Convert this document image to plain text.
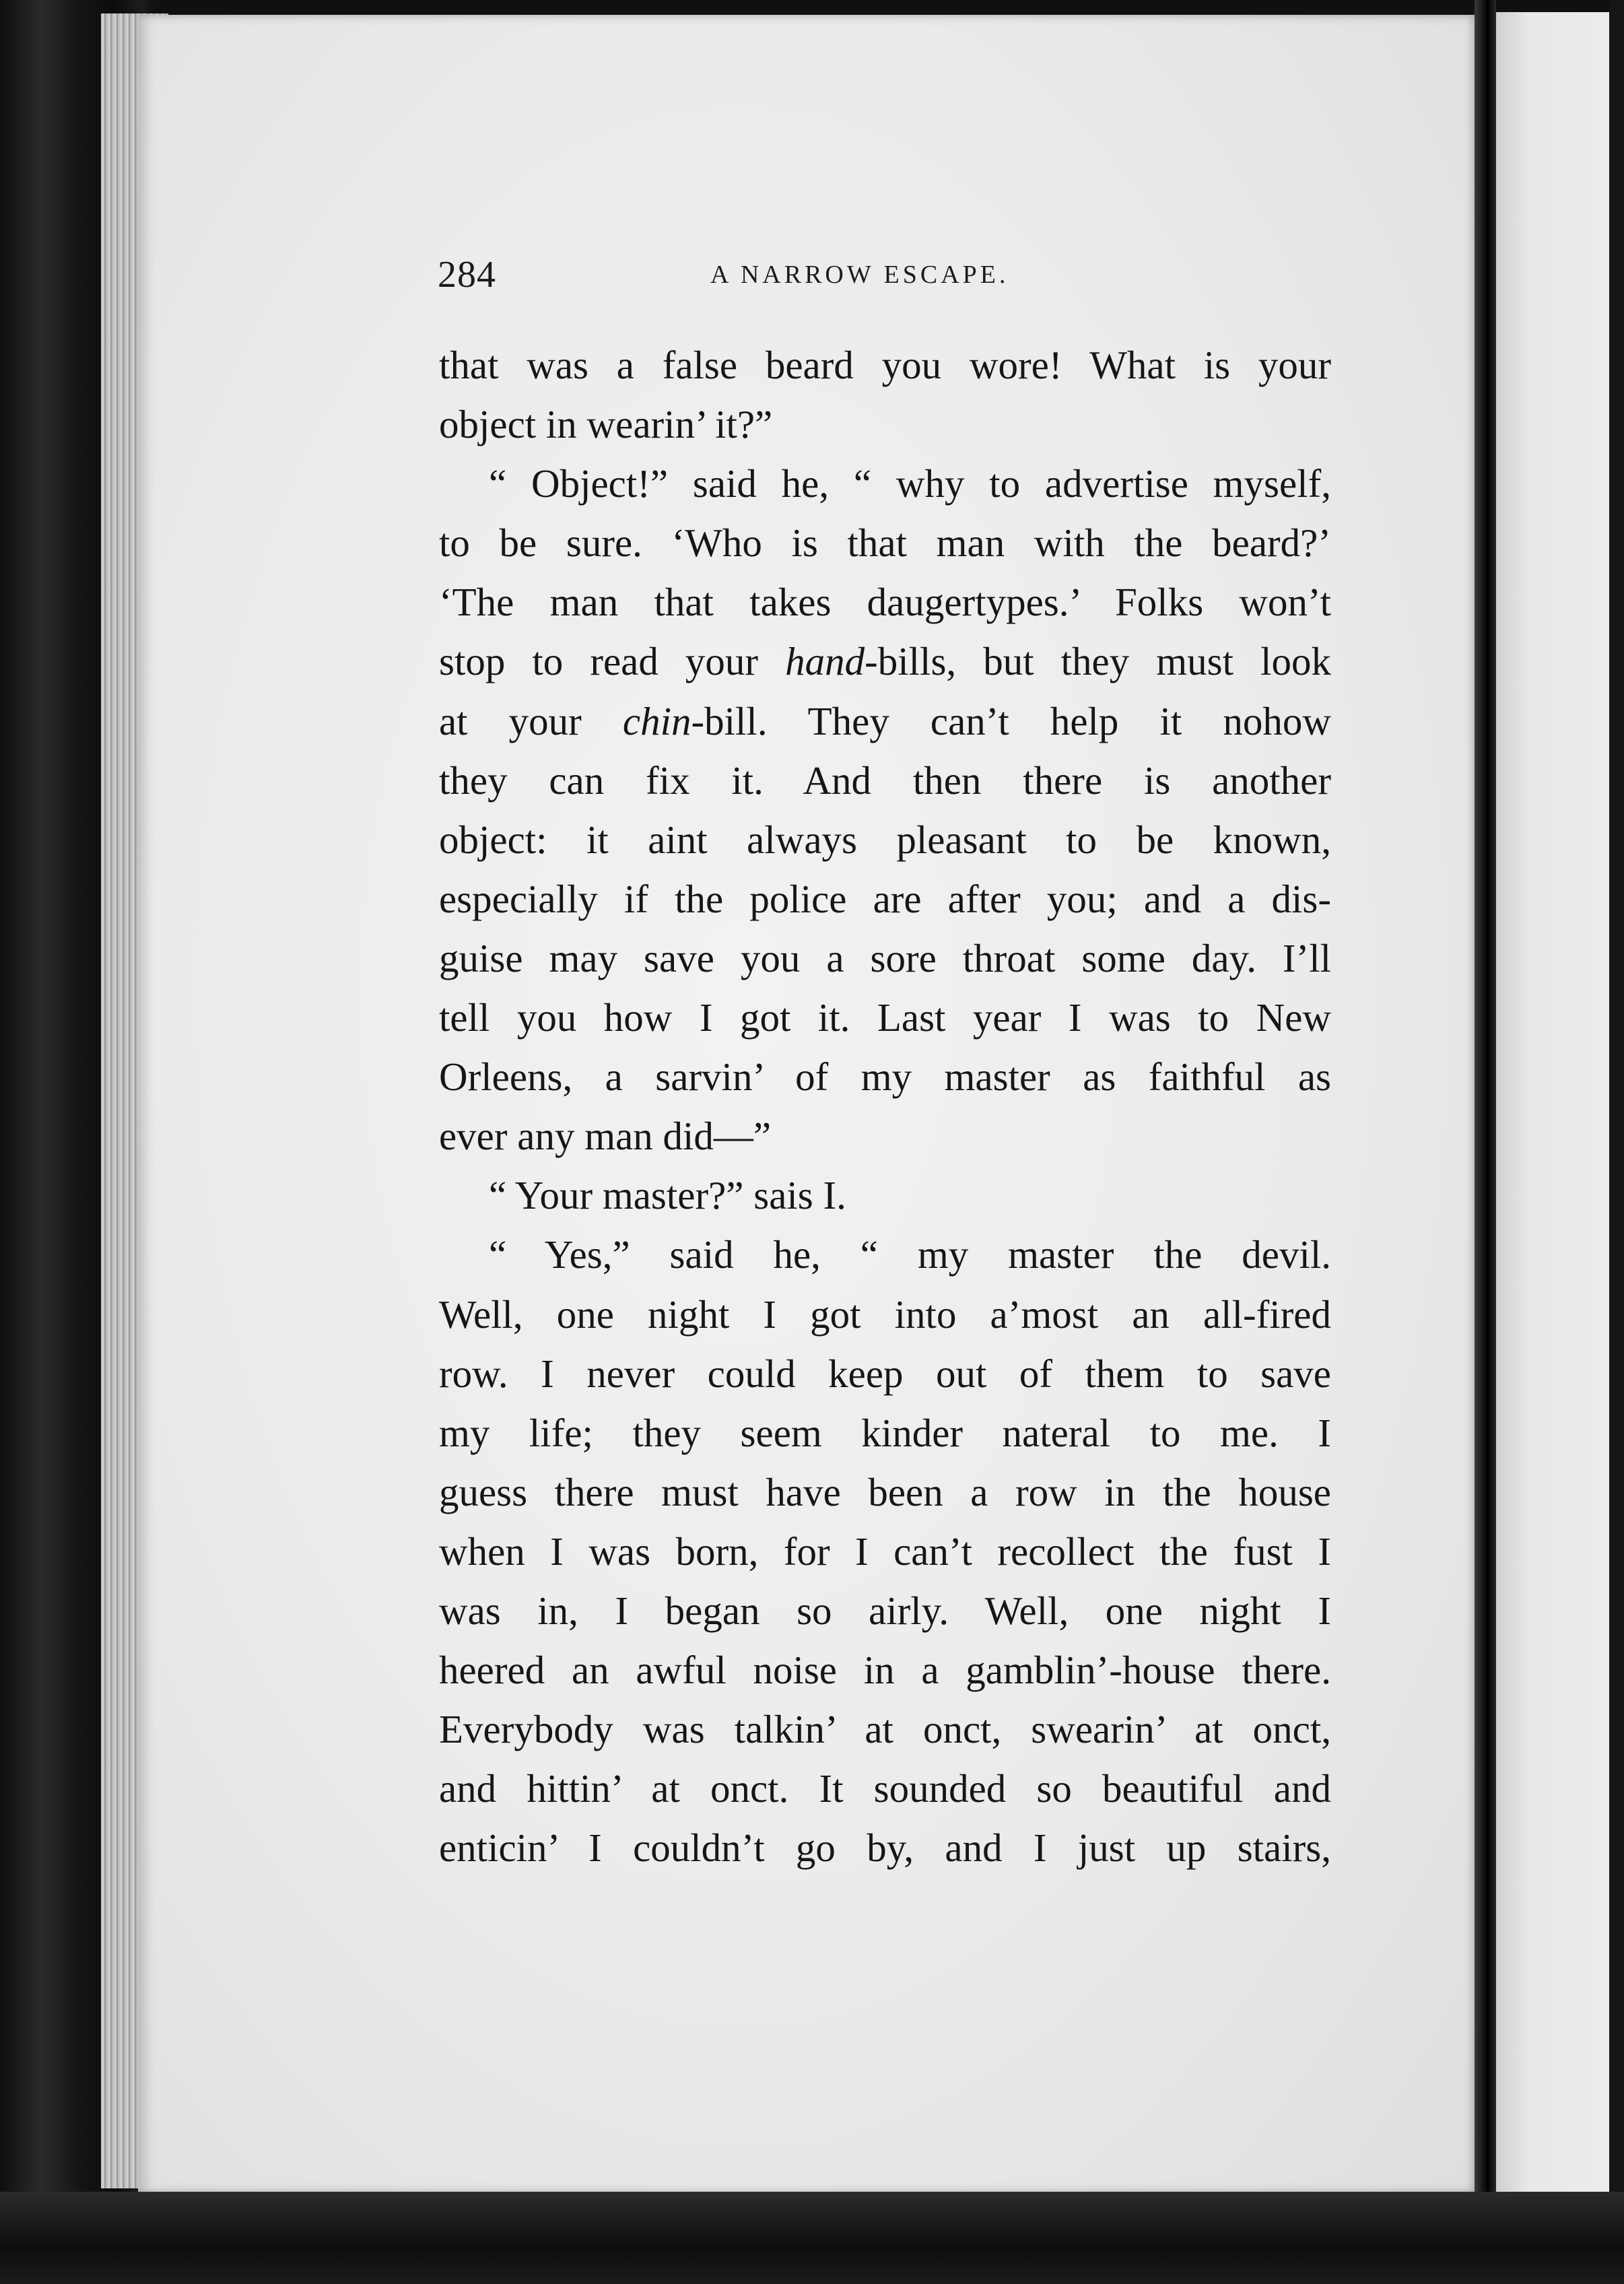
284	A NARROW ESCAPE.
that was a false beard you wore! What is your
object in wearin’ it?”
“ Object!” said he, “ why to advertise myself,
to be sure. ‘Who is that man with the beard?’
‘The man that takes daugertypes.’ Folks won’t
stop to read your hand-bills, but they must look
at your chin-bill. They can’t help it nohow
they can fix it. And then there is another
object: it aint always pleasant to be known,
especially if the police are after you; and a dis-
guise may save you a sore throat some day. I’ll
tell you how I got it. Last year I was to New
Orleens, a sarvin’ of my master as faithful as
ever any man did—”
“ Your master?” sais I.
“ Yes,” said he, “ my master the devil.
Well, one night I got into a’most an all-fired
row. I never could keep out of them to save
my life; they seem kinder nateral to me. I
guess there must have been a row in the house
when I was born, for I can’t recollect the fust I
was in, I began so airly. Well, one night I
heered an awful noise in a gamblin’-house there.
Everybody was talkin’ at onct, swearin’ at onct,
and hittin’ at onct. It sounded so beautiful and
enticin’ I couldn’t go by, and I just up stairs,
